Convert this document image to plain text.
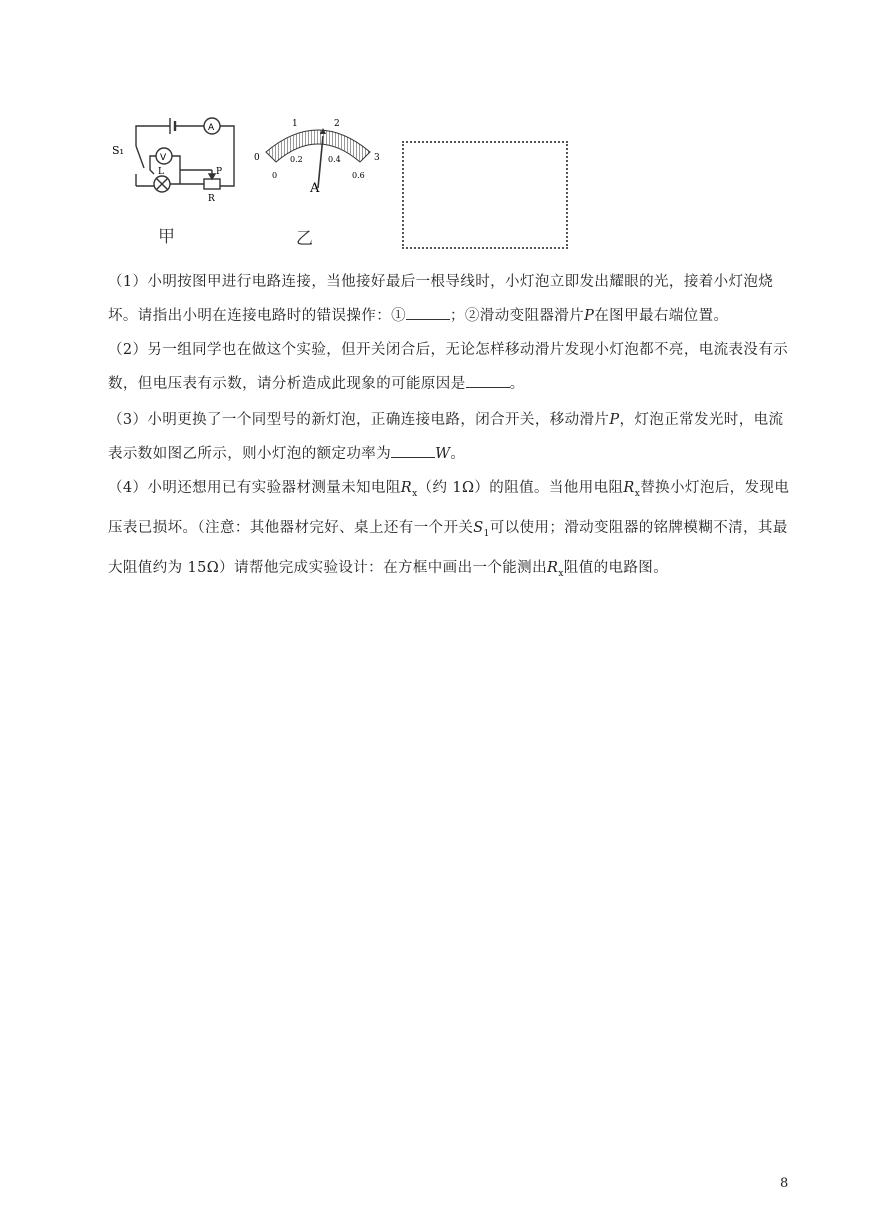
S₁
A
V
L	P
R
甲
0
1	2
3
0
0.2	0.4
0.6
A
乙

（1）小明按图甲进行电路连接，当他接好最后一根导线时，小灯泡立即发出耀眼的光，接着小灯泡烧坏。请指出小明在连接电路时的错误操作：①	；②滑动变阻器滑片P在图甲最右端位置。

（2）另一组同学也在做这个实验，但开关闭合后，无论怎样移动滑片发现小灯泡都不亮，电流表没有示数，但电压表有示数，请分析造成此现象的可能原因是	。

（3）小明更换了一个同型号的新灯泡，正确连接电路，闭合开关，移动滑片P，灯泡正常发光时，电流表示数如图乙所示，则小灯泡的额定功率为	W。

（4）小明还想用已有实验器材测量未知电阻$R_x$（约 1Ω）的阻值。当他用电阻$R_x$替换小灯泡后，发现电压表已损坏。（注意：其他器材完好、桌上还有一个开关$S_1$可以使用；滑动变阻器的铭牌模糊不清，其最大阻值约为 15Ω）请帮他完成实验设计：在方框中画出一个能测出$R_x$阻值的电路图。

8
